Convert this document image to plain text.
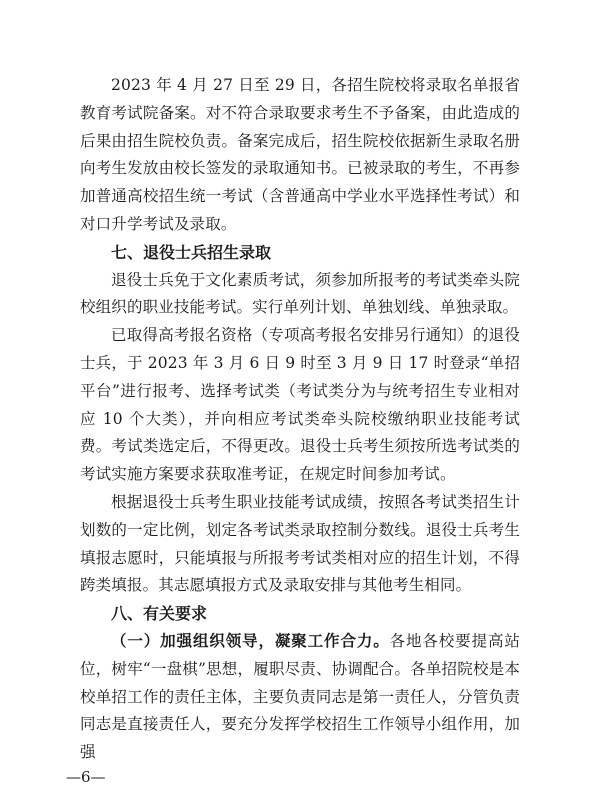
2023 年 4 月 27 日至 29 日，各招生院校将录取名单报省教育考试院备案。对不符合录取要求考生不予备案，由此造成的后果由招生院校负责。备案完成后，招生院校依据新生录取名册向考生发放由校长签发的录取通知书。已被录取的考生，不再参加普通高校招生统一考试（含普通高中学业水平选择性考试）和对口升学考试及录取。

七、退役士兵招生录取

退役士兵免于文化素质考试，须参加所报考的考试类牵头院校组织的职业技能考试。实行单列计划、单独划线、单独录取。

已取得高考报名资格（专项高考报名安排另行通知）的退役士兵，于 2023 年 3 月 6 日 9 时至 3 月 9 日 17 时登录“单招平台”进行报考、选择考试类（考试类分为与统考招生专业相对应 10 个大类），并向相应考试类牵头院校缴纳职业技能考试费。考试类选定后，不得更改。退役士兵考生须按所选考试类的考试实施方案要求获取准考证，在规定时间参加考试。

根据退役士兵考生职业技能考试成绩，按照各考试类招生计划数的一定比例，划定各考试类录取控制分数线。退役士兵考生填报志愿时，只能填报与所报考考试类相对应的招生计划，不得跨类填报。其志愿填报方式及录取安排与其他考生相同。

八、有关要求

（一）加强组织领导，凝聚工作合力。各地各校要提高站位，树牢“一盘棋”思想，履职尽责、协调配合。各单招院校是本校单招工作的责任主体，主要负责同志是第一责任人，分管负责同志是直接责任人，要充分发挥学校招生工作领导小组作用，加强

—6—
